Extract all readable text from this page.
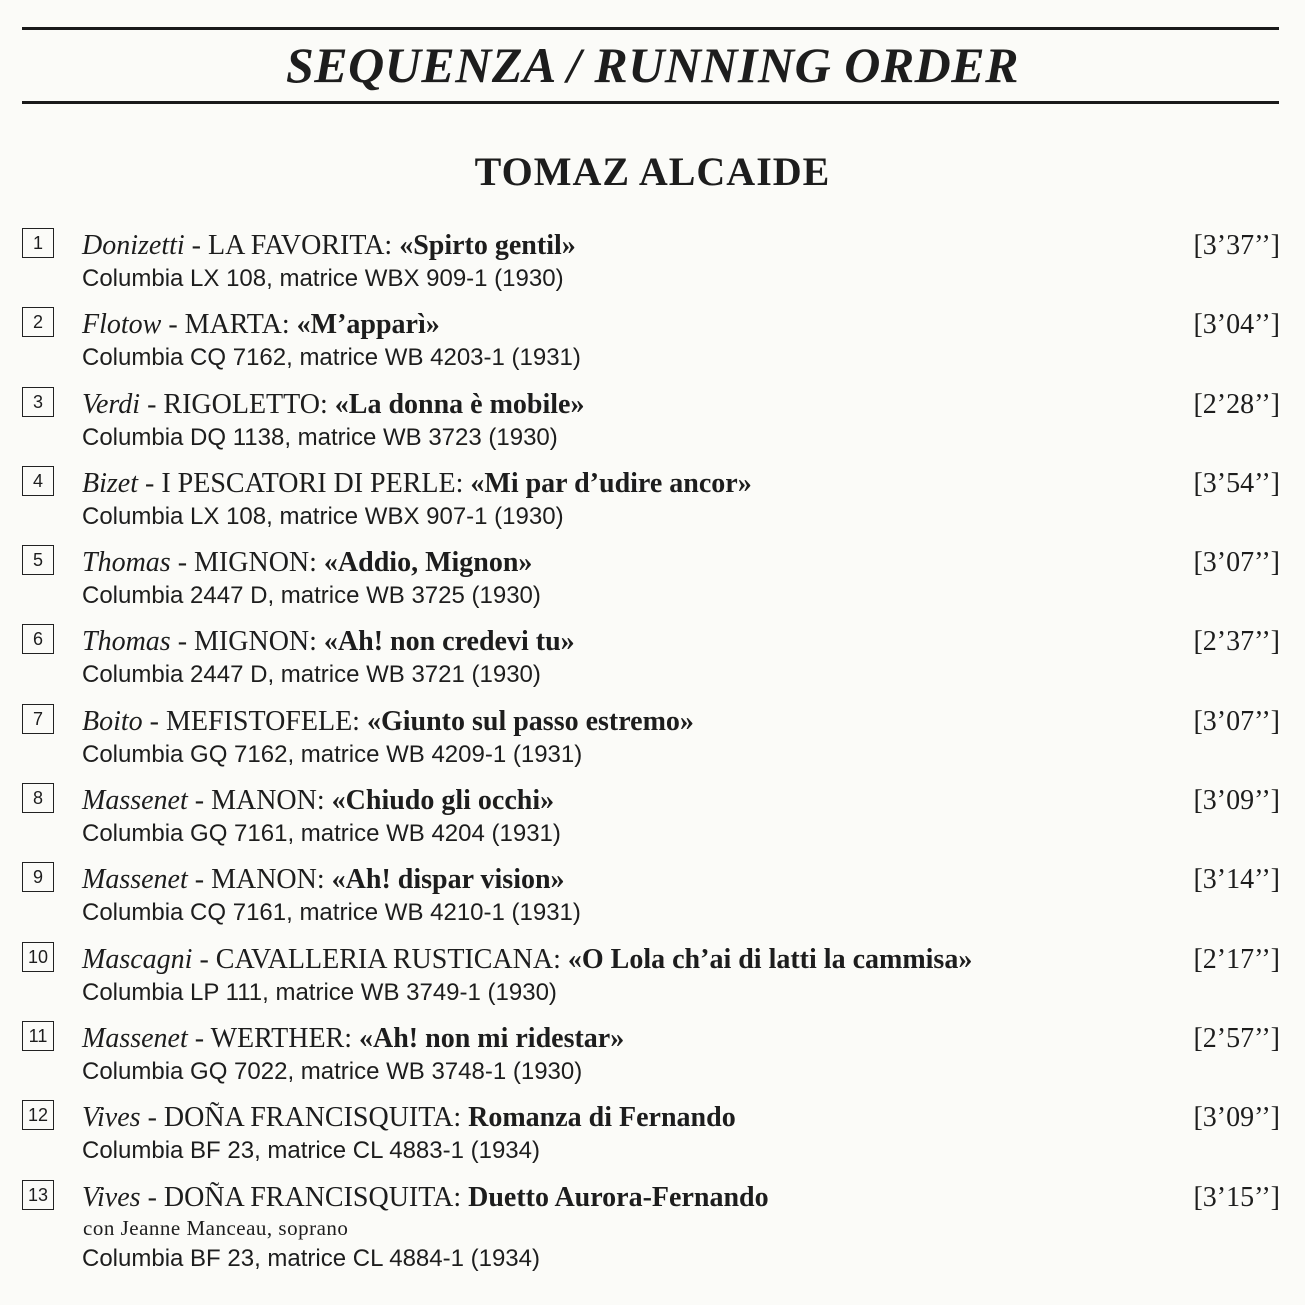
SEQUENZA / RUNNING ORDER
TOMAZ ALCAIDE
1	Donizetti - LA FAVORITA: «Spirto gentil»	[3’37’’]
Columbia LX 108, matrice WBX 909-1 (1930)
2	Flotow - MARTA: «M’apparì»	[3’04’’]
Columbia CQ 7162, matrice WB 4203-1 (1931)
3	Verdi - RIGOLETTO: «La donna è mobile»	[2’28’’]
Columbia DQ 1138, matrice WB 3723 (1930)
4	Bizet - I PESCATORI DI PERLE: «Mi par d’udire ancor»	[3’54’’]
Columbia LX 108, matrice WBX 907-1 (1930)
5	Thomas - MIGNON: «Addio, Mignon»	[3’07’’]
Columbia 2447 D, matrice WB 3725 (1930)
6	Thomas - MIGNON: «Ah! non credevi tu»	[2’37’’]
Columbia 2447 D, matrice WB 3721 (1930)
7	Boito - MEFISTOFELE: «Giunto sul passo estremo»	[3’07’’]
Columbia GQ 7162, matrice WB 4209-1 (1931)
8	Massenet - MANON: «Chiudo gli occhi»	[3’09’’]
Columbia GQ 7161, matrice WB 4204 (1931)
9	Massenet - MANON: «Ah! dispar vision»	[3’14’’]
Columbia CQ 7161, matrice WB 4210-1 (1931)
10 Mascagni - CAVALLERIA RUSTICANA: «O Lola ch’ai di latti la cammisa»	[2’17’’]
Columbia LP 111, matrice WB 3749-1 (1930)
11 Massenet - WERTHER: «Ah! non mi ridestar»	[2’57’’]
Columbia GQ 7022, matrice WB 3748-1 (1930)
12 Vives - DOÑA FRANCISQUITA: Romanza di Fernando	[3’09’’]
Columbia BF 23, matrice CL 4883-1 (1934)
13 Vives - DOÑA FRANCISQUITA: Duetto Aurora-Fernando	[3’15’’]
con Jeanne Manceau, soprano
Columbia BF 23, matrice CL 4884-1 (1934)
